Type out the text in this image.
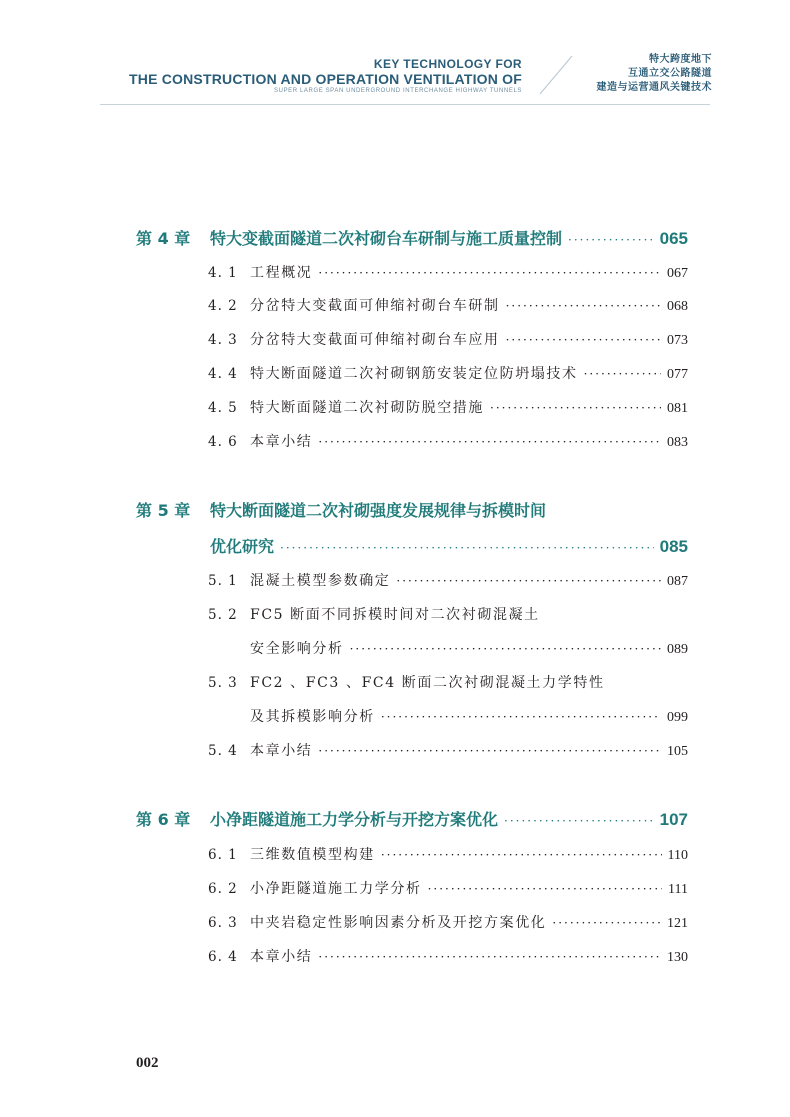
KEY TECHNOLOGY FOR
THE CONSTRUCTION AND OPERATION VENTILATION OF
SUPER LARGE SPAN UNDERGROUND INTERCHANGE HIGHWAY TUNNELS
特大跨度地下
互通立交公路隧道
建造与运营通风关键技术
第 4 章 特大变截面隧道二次衬砌台车研制与施工质量控制 ·····	065
4. 1 工程概况 ·····	067
4. 2 分岔特大变截面可伸缩衬砌台车研制 ·····	068
4. 3 分岔特大变截面可伸缩衬砌台车应用 ·····	073
4. 4 特大断面隧道二次衬砌钢筋安装定位防坍塌技术 ·····	077
4. 5 特大断面隧道二次衬砌防脱空措施 ·····	081
4. 6 本章小结 ·····	083
第 5 章 特大断面隧道二次衬砌强度发展规律与拆模时间
优化研究 ·····	085
5. 1 混凝土模型参数确定 ·····	087
5. 2 FC5 断面不同拆模时间对二次衬砌混凝土
安全影响分析 ·····	089
5. 3 FC2 、FC3 、FC4 断面二次衬砌混凝土力学特性
及其拆模影响分析 ·····	099
5. 4 本章小结 ·····	105
第 6 章 小净距隧道施工力学分析与开挖方案优化 ·····	107
6. 1 三维数值模型构建 ·····	110
6. 2 小净距隧道施工力学分析 ·····	111
6. 3 中夹岩稳定性影响因素分析及开挖方案优化 ·····	121
6. 4 本章小结 ·····	130
002
